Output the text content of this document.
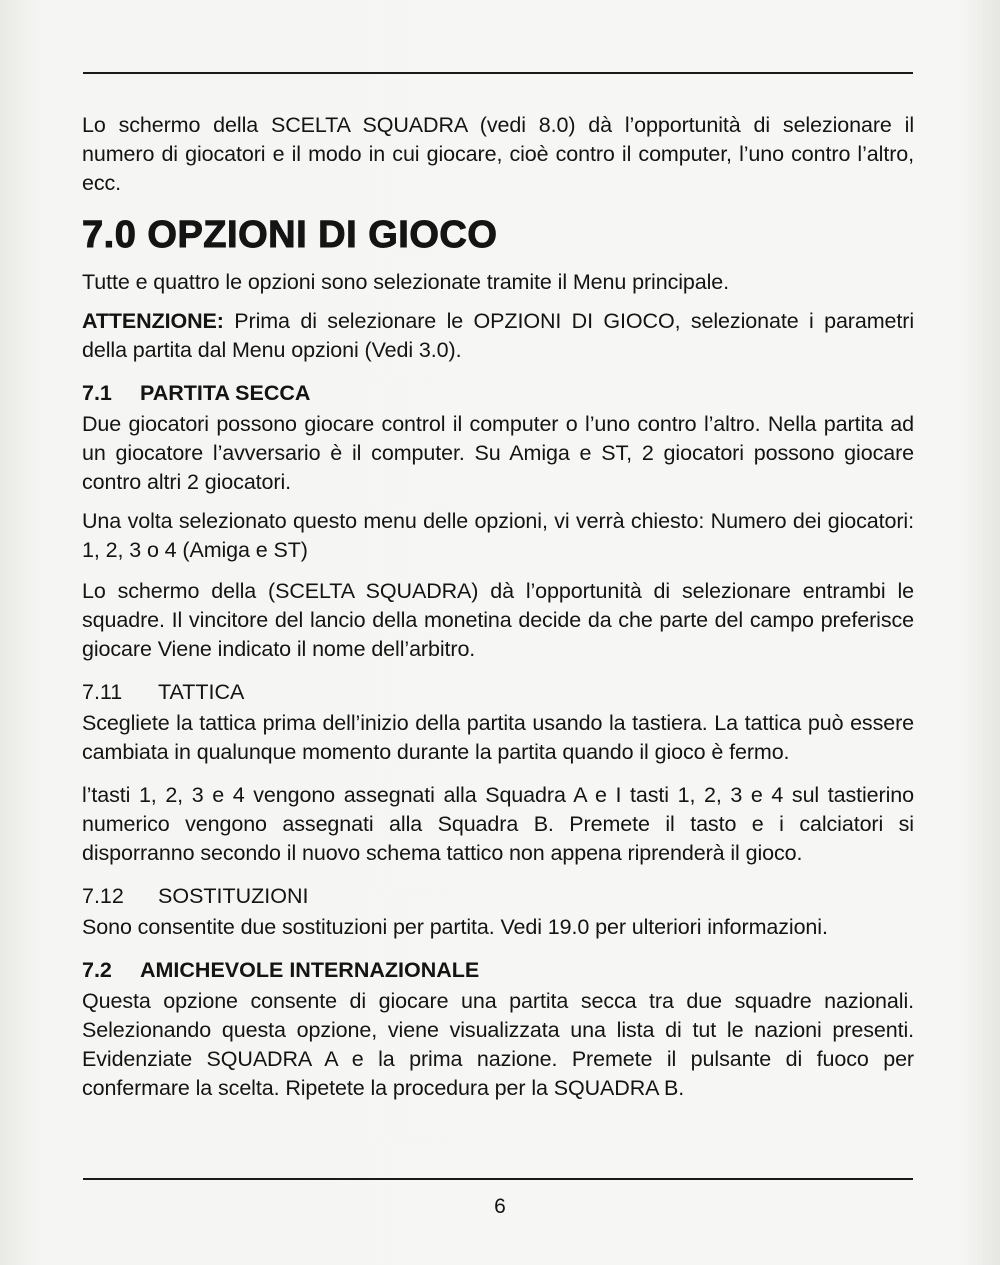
Lo schermo della SCELTA SQUADRA (vedi 8.0) dà l’opportunità di selezionare il numero di giocatori e il modo in cui giocare, cioè contro il computer, l’uno contro l’altro, ecc.

7.0 OPZIONI DI GIOCO

Tutte e quattro le opzioni sono selezionate tramite il Menu principale.

ATTENZIONE: Prima di selezionare le OPZIONI DI GIOCO, selezionate i parametri della partita dal Menu opzioni (Vedi 3.0).

7.1 PARTITA SECCA

Due giocatori possono giocare control il computer o l’uno contro l’altro. Nella partita ad un giocatore l’avversario è il computer. Su Amiga e ST, 2 giocatori possono giocare contro altri 2 giocatori.

Una volta selezionato questo menu delle opzioni, vi verrà chiesto: Numero dei giocatori: 1, 2, 3 o 4 (Amiga e ST)

Lo schermo della (SCELTA SQUADRA) dà l’opportunità di selezionare entrambi le squadre. Il vincitore del lancio della monetina decide da che parte del campo preferisce giocare Viene indicato il nome dell’arbitro.

7.11 TATTICA

Scegliete la tattica prima dell’inizio della partita usando la tastiera. La tattica può essere cambiata in qualunque momento durante la partita quando il gioco è fermo.

l’tasti 1, 2, 3 e 4 vengono assegnati alla Squadra A e I tasti 1, 2, 3 e 4 sul tastierino numerico vengono assegnati alla Squadra B. Premete il tasto e i calciatori si disporranno secondo il nuovo schema tattico non appena riprenderà il gioco.

7.12 SOSTITUZIONI

Sono consentite due sostituzioni per partita. Vedi 19.0 per ulteriori informazioni.

7.2 AMICHEVOLE INTERNAZIONALE

Questa opzione consente di giocare una partita secca tra due squadre nazionali. Selezionando questa opzione, viene visualizzata una lista di tut le nazioni presenti. Evidenziate SQUADRA A e la prima nazione. Premete il pulsante di fuoco per confermare la scelta. Ripetete la procedura per la SQUADRA B.

6
